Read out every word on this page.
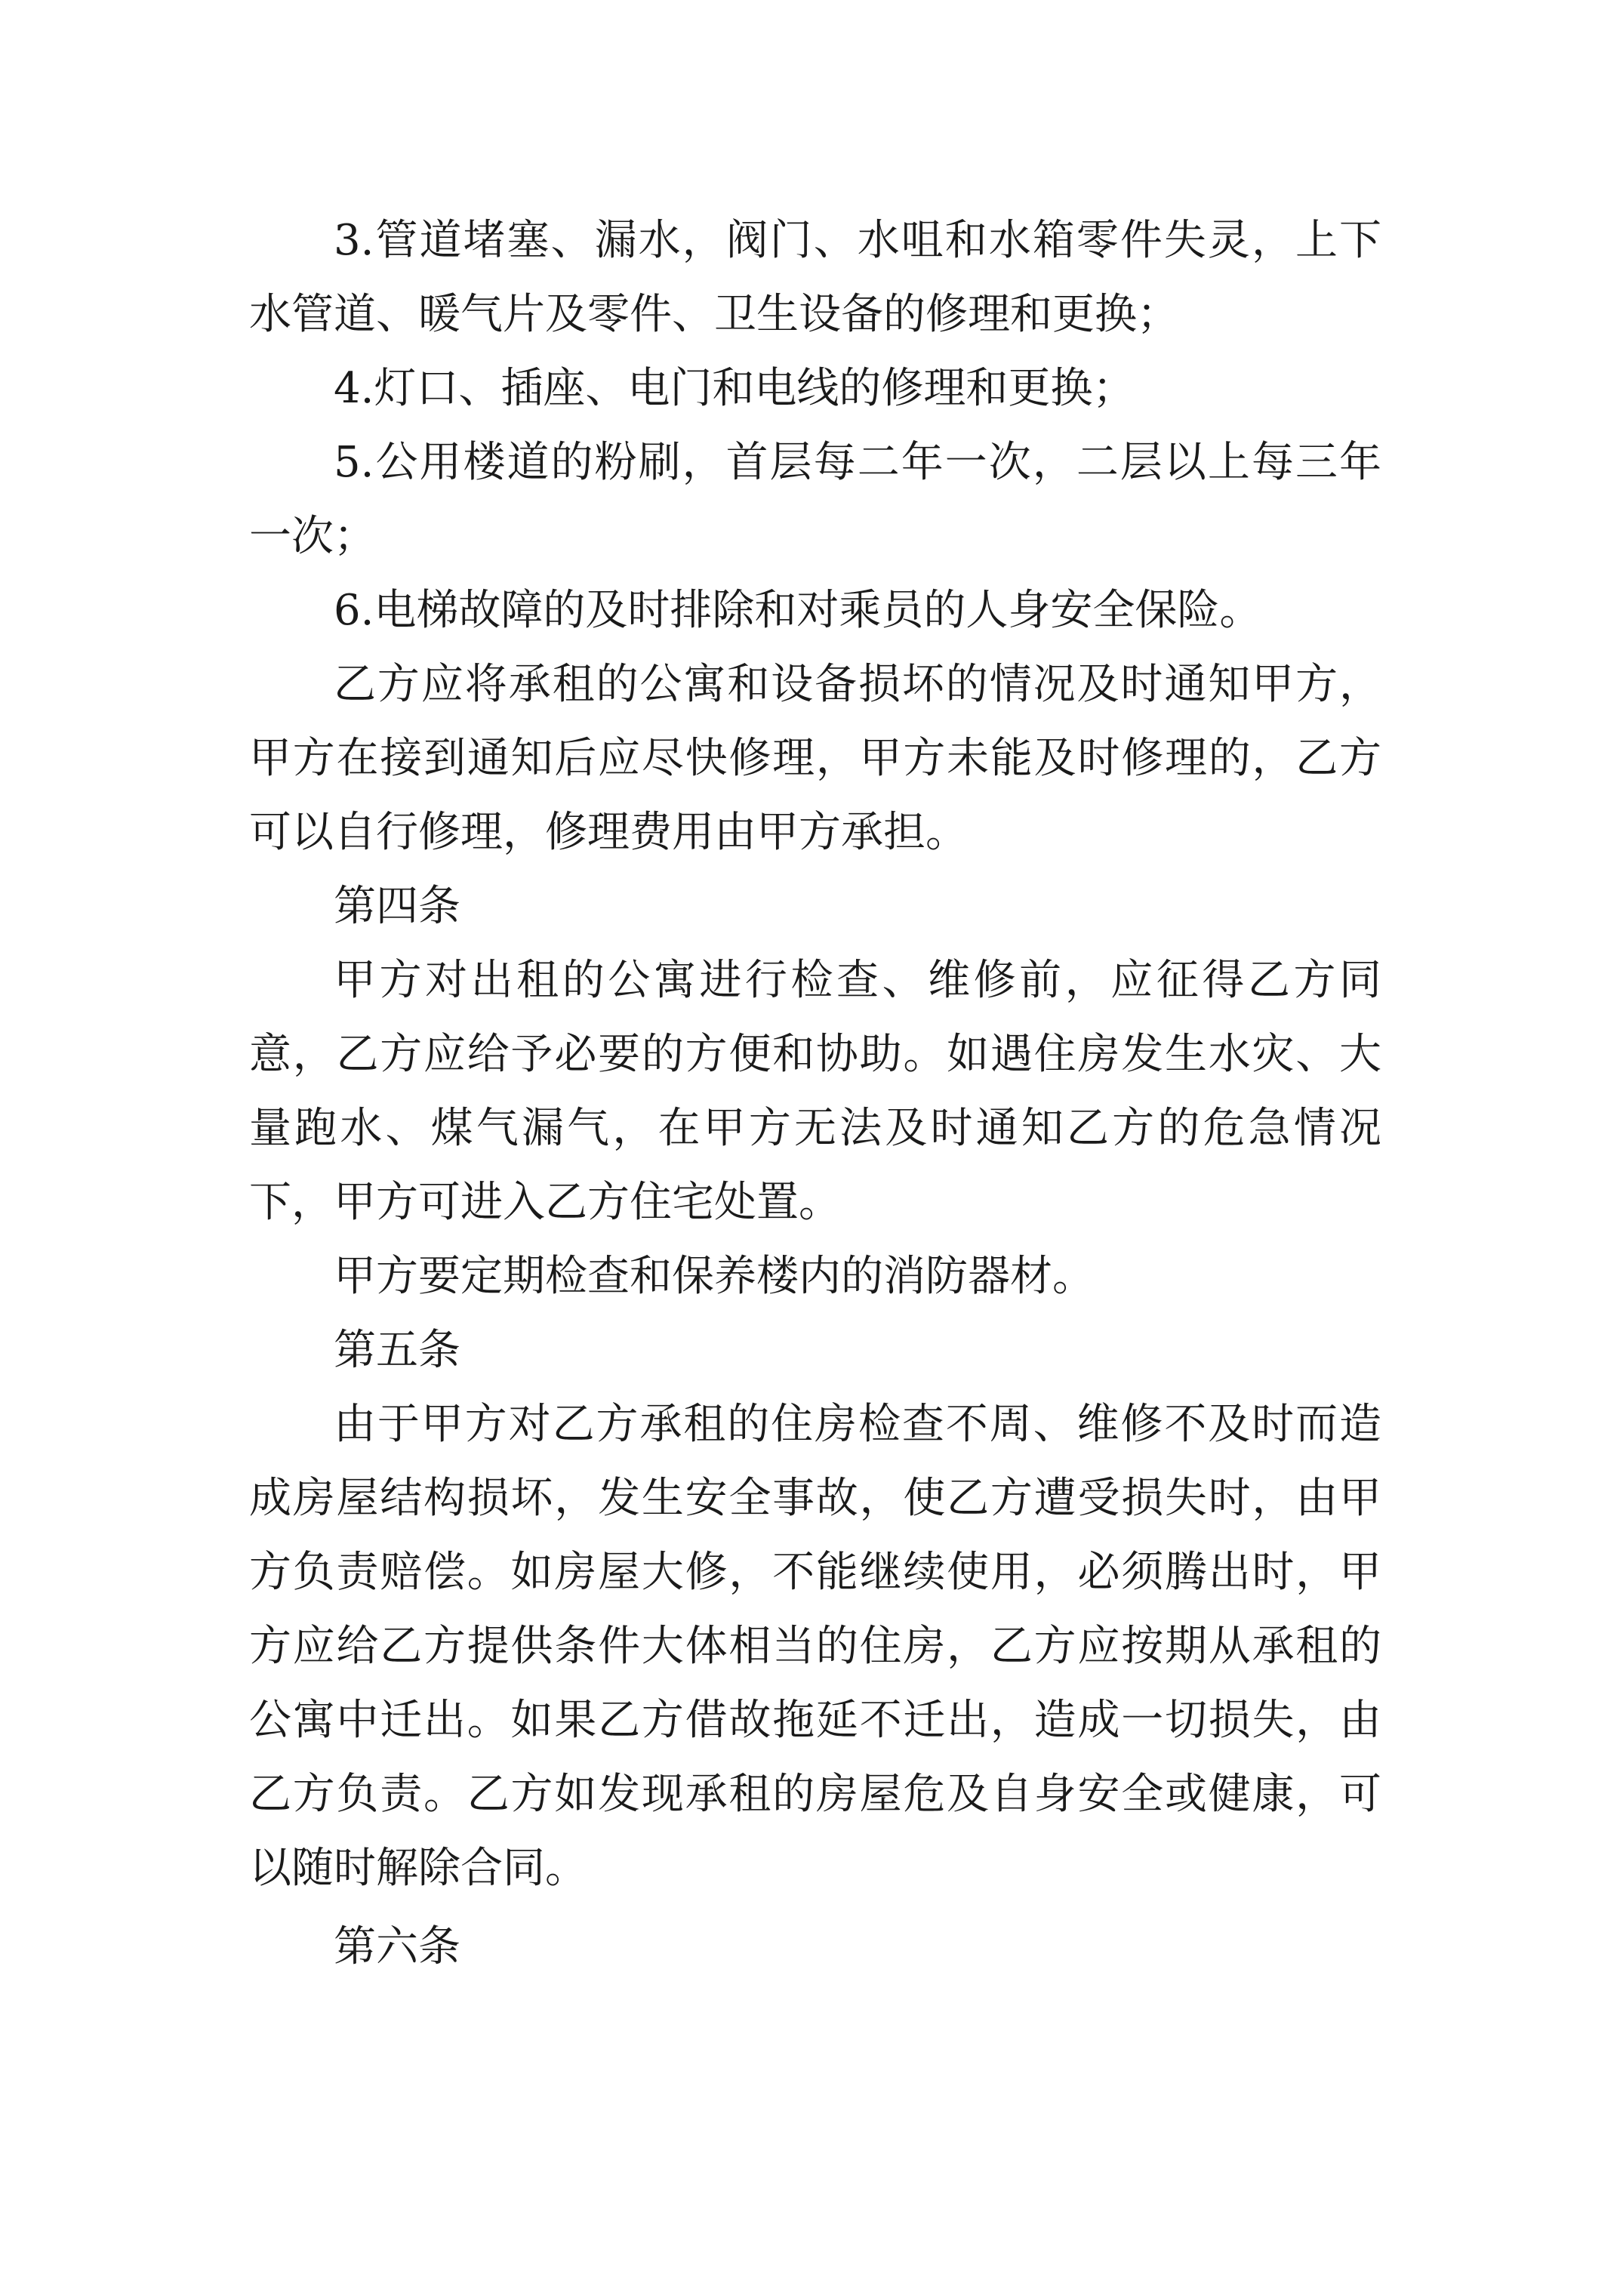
3.管道堵塞、漏水，阀门、水咀和水箱零件失灵，上下水管道、暖气片及零件、卫生设备的修理和更换；

4.灯口、插座、电门和电线的修理和更换；

5.公用楼道的粉刷，首层每二年一次，二层以上每三年一次；

6.电梯故障的及时排除和对乘员的人身安全保险。

乙方应将承租的公寓和设备损坏的情况及时通知甲方，甲方在接到通知后应尽快修理，甲方未能及时修理的，乙方可以自行修理，修理费用由甲方承担。

第四条

甲方对出租的公寓进行检查、维修前，应征得乙方同意，乙方应给予必要的方便和协助。如遇住房发生水灾、大量跑水、煤气漏气，在甲方无法及时通知乙方的危急情况下，甲方可进入乙方住宅处置。

甲方要定期检查和保养楼内的消防器材。

第五条

由于甲方对乙方承租的住房检查不周、维修不及时而造成房屋结构损坏，发生安全事故，使乙方遭受损失时，由甲方负责赔偿。如房屋大修，不能继续使用，必须腾出时，甲方应给乙方提供条件大体相当的住房，乙方应按期从承租的公寓中迁出。如果乙方借故拖延不迁出，造成一切损失，由乙方负责。乙方如发现承租的房屋危及自身安全或健康，可以随时解除合同。

第六条
